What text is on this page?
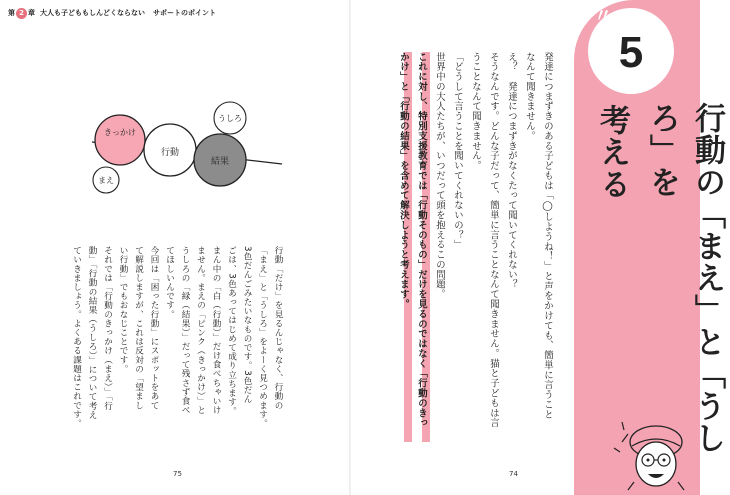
第 2 章 大人も子どももしんどくならない サポートのポイント
きっかけ
行動
結果
うしろ
まえ
行動「だけ」を見るんじゃなく、行動の
「まえ」と「うしろ」をよーく見つめます。
3色だんごみたいなものです。3色だん
ごは、3色あってはじめて成り立ちます。
まん中の「白（行動）」だけ食べちゃいけ
ません。まえの「ピンク（きっかけ）」と
うしろの「緑（結果）」だって残さず食べ
てほしいんです。
今回は「困った行動」にスポットをあて
て解説しますが、これは反対の「望まし
い行動」でもおなじことです。
それでは「行動のきっかけ（まえ）」「行
動」「行動の結果（うしろ）」について考え
ていきましょう。よくある課題はこれです。	発達につまずきのある子どもは「◯しようね！」と声をかけても、簡単に言うこと
なんて聞きません。
え？　発達につまずきがなくたって聞いてくれない？
そうなんです。どんな子だって、簡単に言うことなんて聞きません。猫と子どもは言
うことなんて聞きません。
「どうして言うことを聞いてくれないの？」
世界中の大人たちが、いつだって頭を抱えるこの問題。
これに対し、特別支援教育では「行動そのもの」だけを見るのではなく「行動のきっ
かけ」と「行動の結果」を含めて解決しようと考えます。	5
〃
行動の「まえ」と「うしろ」を
考える
75	74
